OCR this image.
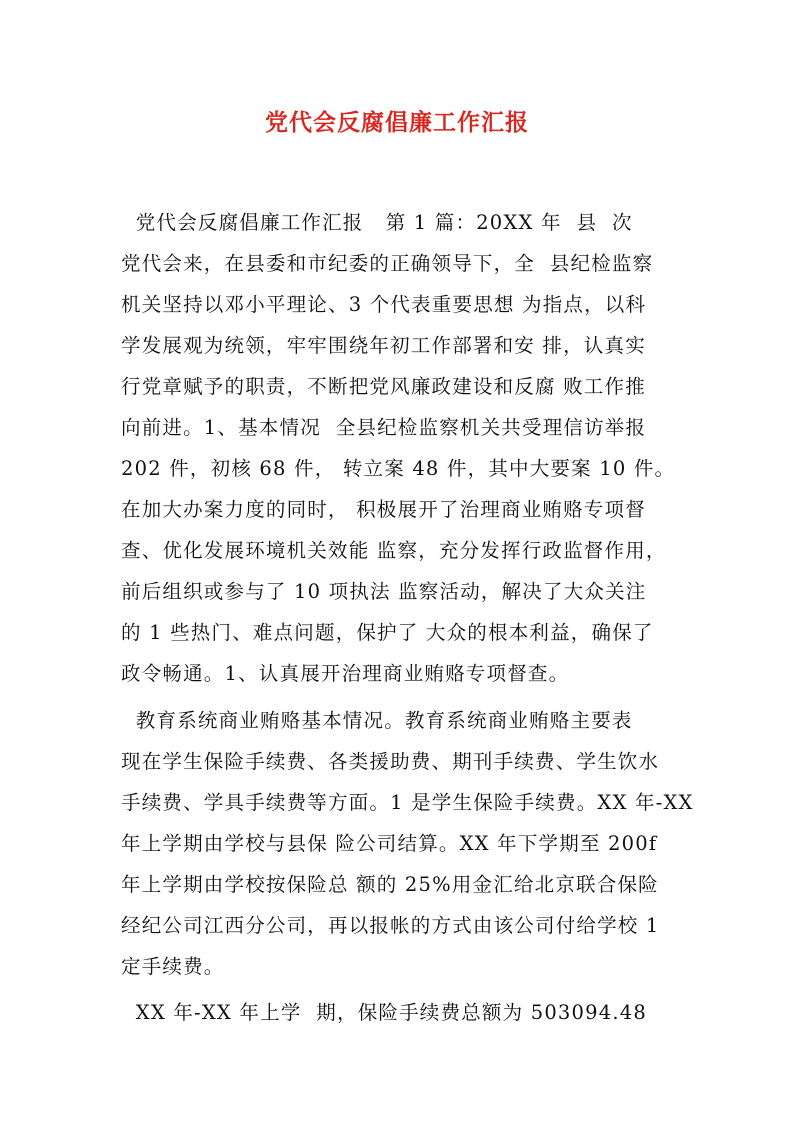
党代会反腐倡廉工作汇报
党代会反腐倡廉工作汇报   第 1 篇：20XX 年  县  次
党代会来，在县委和市纪委的正确领导下，全  县纪检监察
机关坚持以邓小平理论、3 个代表重要思想 为指点，以科
学发展观为统领，牢牢围绕年初工作部署和安 排，认真实
行党章赋予的职责，不断把党风廉政建设和反腐 败工作推
向前进。1、基本情况  全县纪检监察机关共受理信访举报
202 件，初核 68 件， 转立案 48 件，其中大要案 10 件。
在加大办案力度的同时， 积极展开了治理商业贿赂专项督
查、优化发展环境机关效能 监察，充分发挥行政监督作用，
前后组织或参与了 10 项执法 监察活动，解决了大众关注
的 1 些热门、难点问题，保护了 大众的根本利益，确保了
政令畅通。1、认真展开治理商业贿赂专项督查。
教育系统商业贿赂基本情况。教育系统商业贿赂主要表
现在学生保险手续费、各类援助费、期刊手续费、学生饮水
手续费、学具手续费等方面。1 是学生保险手续费。XX 年-XX
年上学期由学校与县保 险公司结算。XX 年下学期至 200f
年上学期由学校按保险总 额的 25%用金汇给北京联合保险
经纪公司江西分公司，再以报帐的方式由该公司付给学校 1
定手续费。
XX 年-XX 年上学  期，保险手续费总额为 503094.48
